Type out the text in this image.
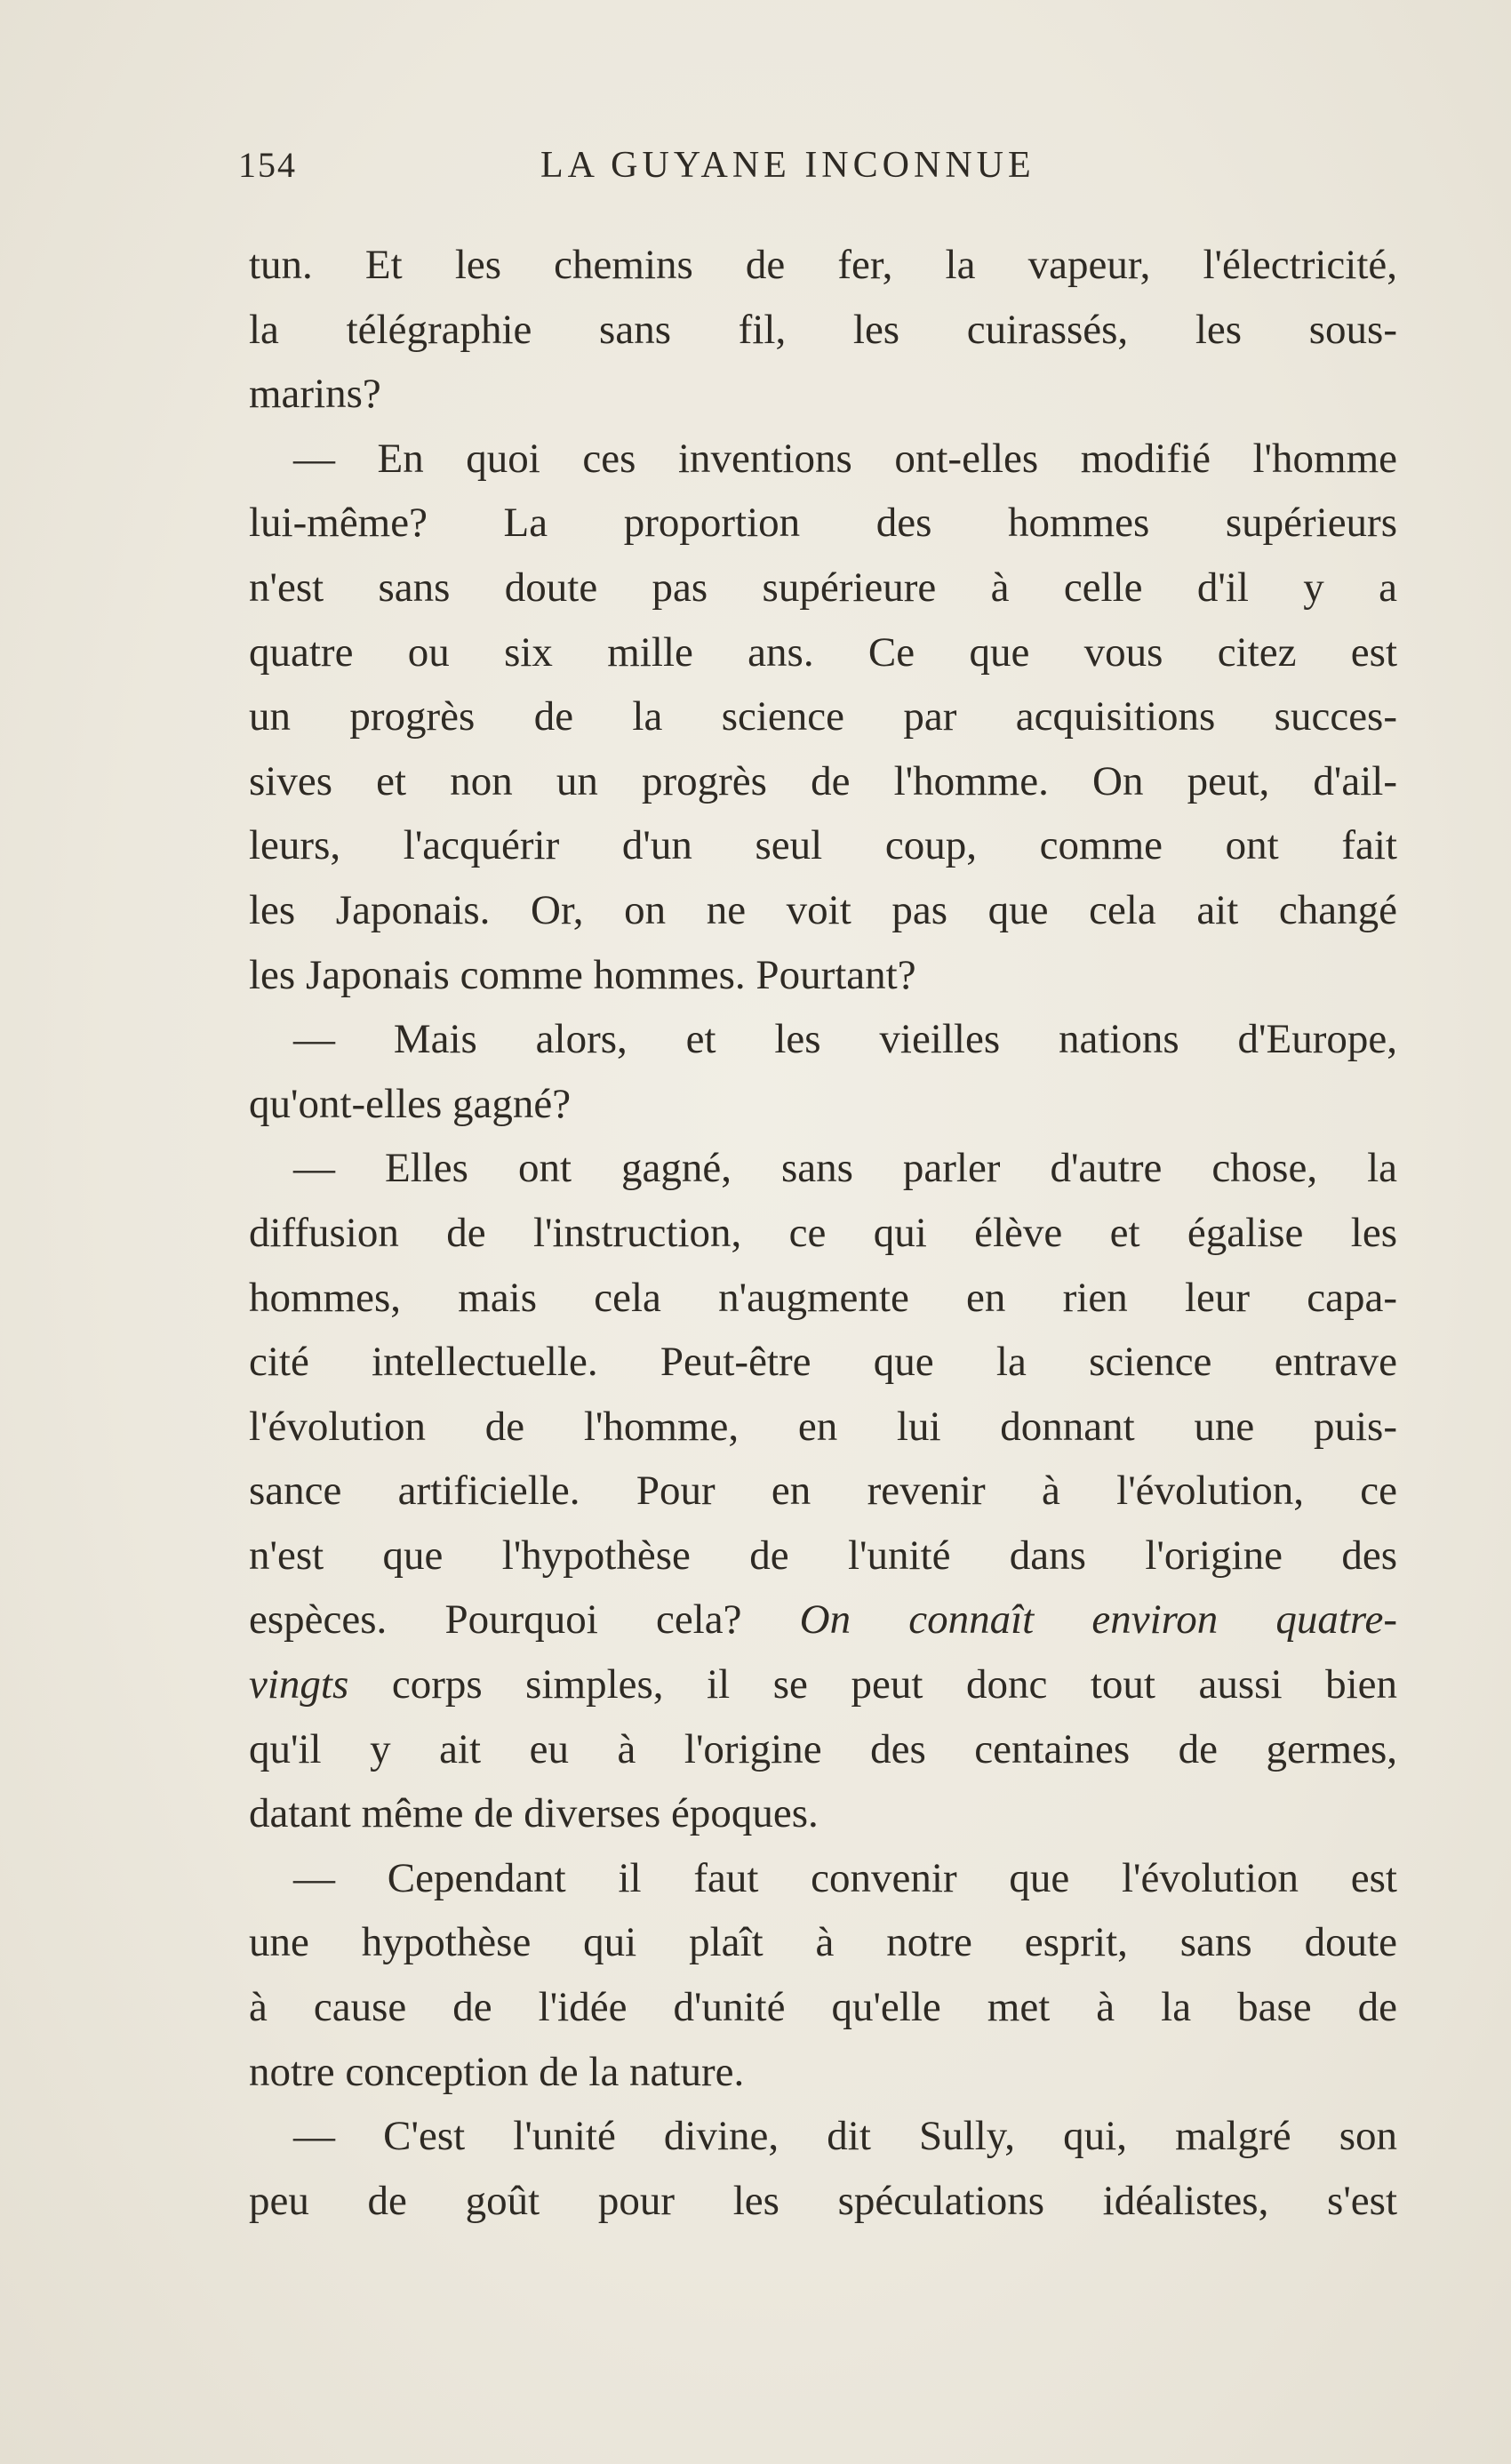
154	LA GUYANE INCONNUE
tun. Et les chemins de fer, la vapeur, l'électricité,
la télégraphie sans fil, les cuirassés, les sous-
marins?
— En quoi ces inventions ont-elles modifié l'homme
lui-même? La proportion des hommes supérieurs
n'est sans doute pas supérieure à celle d'il y a
quatre ou six mille ans. Ce que vous citez est
un progrès de la science par acquisitions succes-
sives et non un progrès de l'homme. On peut, d'ail-
leurs, l'acquérir d'un seul coup, comme ont fait
les Japonais. Or, on ne voit pas que cela ait changé
les Japonais comme hommes. Pourtant?
— Mais alors, et les vieilles nations d'Europe,
qu'ont-elles gagné?
— Elles ont gagné, sans parler d'autre chose, la
diffusion de l'instruction, ce qui élève et égalise les
hommes, mais cela n'augmente en rien leur capa-
cité intellectuelle. Peut-être que la science entrave
l'évolution de l'homme, en lui donnant une puis-
sance artificielle. Pour en revenir à l'évolution, ce
n'est que l'hypothèse de l'unité dans l'origine des
espèces. Pourquoi cela? On connaît environ quatre-
vingts corps simples, il se peut donc tout aussi bien
qu'il y ait eu à l'origine des centaines de germes,
datant même de diverses époques.
— Cependant il faut convenir que l'évolution est
une hypothèse qui plaît à notre esprit, sans doute
à cause de l'idée d'unité qu'elle met à la base de
notre conception de la nature.
— C'est l'unité divine, dit Sully, qui, malgré son
peu de goût pour les spéculations idéalistes, s'est
